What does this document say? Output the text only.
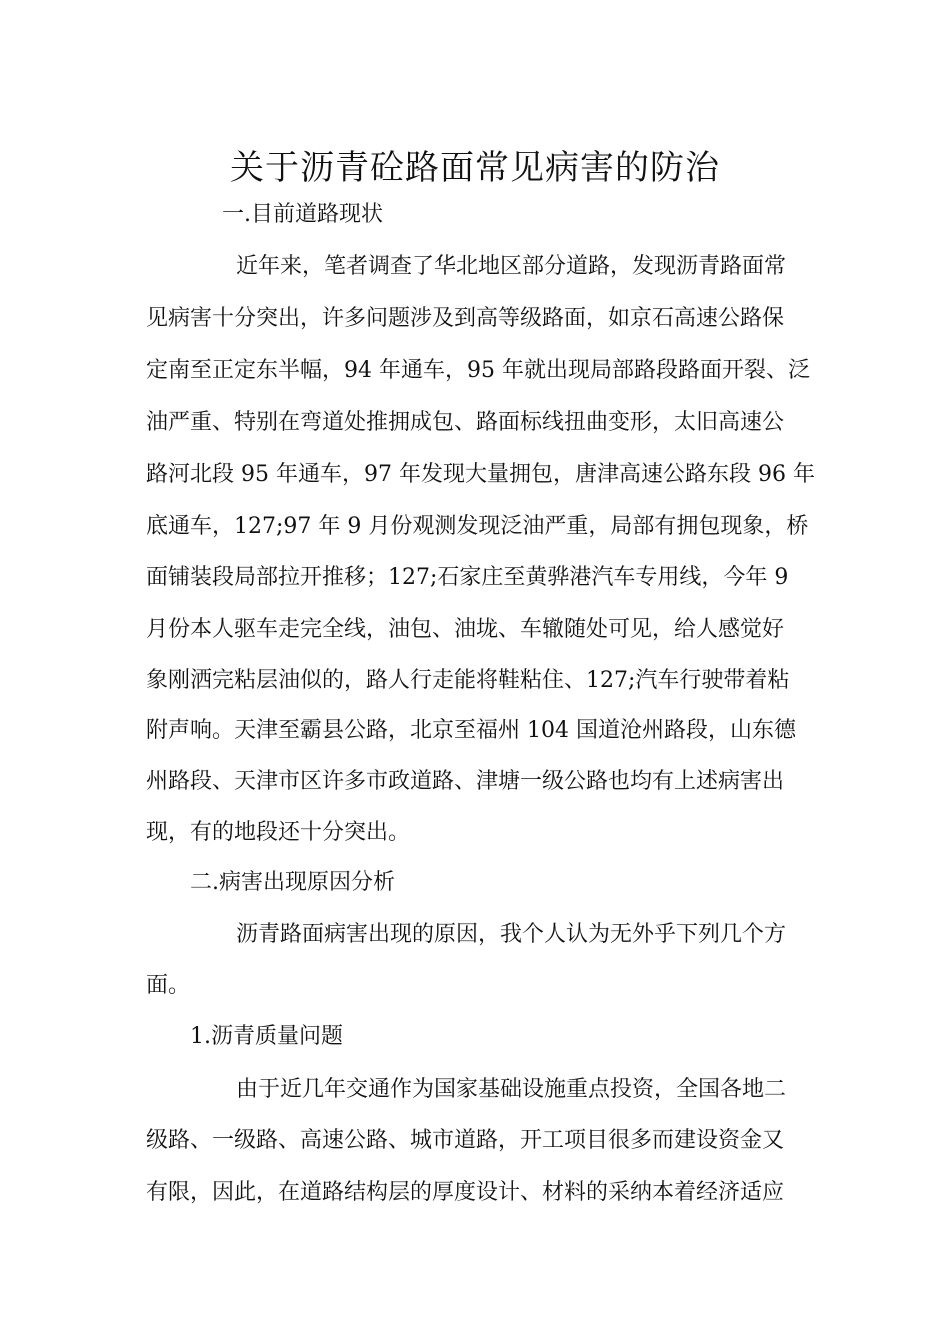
关于沥青砼路面常见病害的防治
一.目前道路现状
近年来，笔者调查了华北地区部分道路，发现沥青路面常
见病害十分突出，许多问题涉及到高等级路面，如京石高速公路保
定南至正定东半幅，94 年通车，95 年就出现局部路段路面开裂、泛
油严重、特别在弯道处推拥成包、路面标线扭曲变形，太旧高速公
路河北段 95 年通车，97 年发现大量拥包，唐津高速公路东段 96 年
底通车，127;97 年 9 月份观测发现泛油严重，局部有拥包现象，桥
面铺装段局部拉开推移；127;石家庄至黄骅港汽车专用线，今年 9
月份本人驱车走完全线，油包、油垅、车辙随处可见，给人感觉好
象刚洒完粘层油似的，路人行走能将鞋粘住、127;汽车行驶带着粘
附声响。天津至霸县公路，北京至福州 104 国道沧州路段，山东德
州路段、天津市区许多市政道路、津塘一级公路也均有上述病害出
现，有的地段还十分突出。
二.病害出现原因分析
沥青路面病害出现的原因，我个人认为无外乎下列几个方
面。
1.沥青质量问题
由于近几年交通作为国家基础设施重点投资，全国各地二
级路、一级路、高速公路、城市道路，开工项目很多而建设资金又
有限，因此，在道路结构层的厚度设计、材料的采纳本着经济适应
